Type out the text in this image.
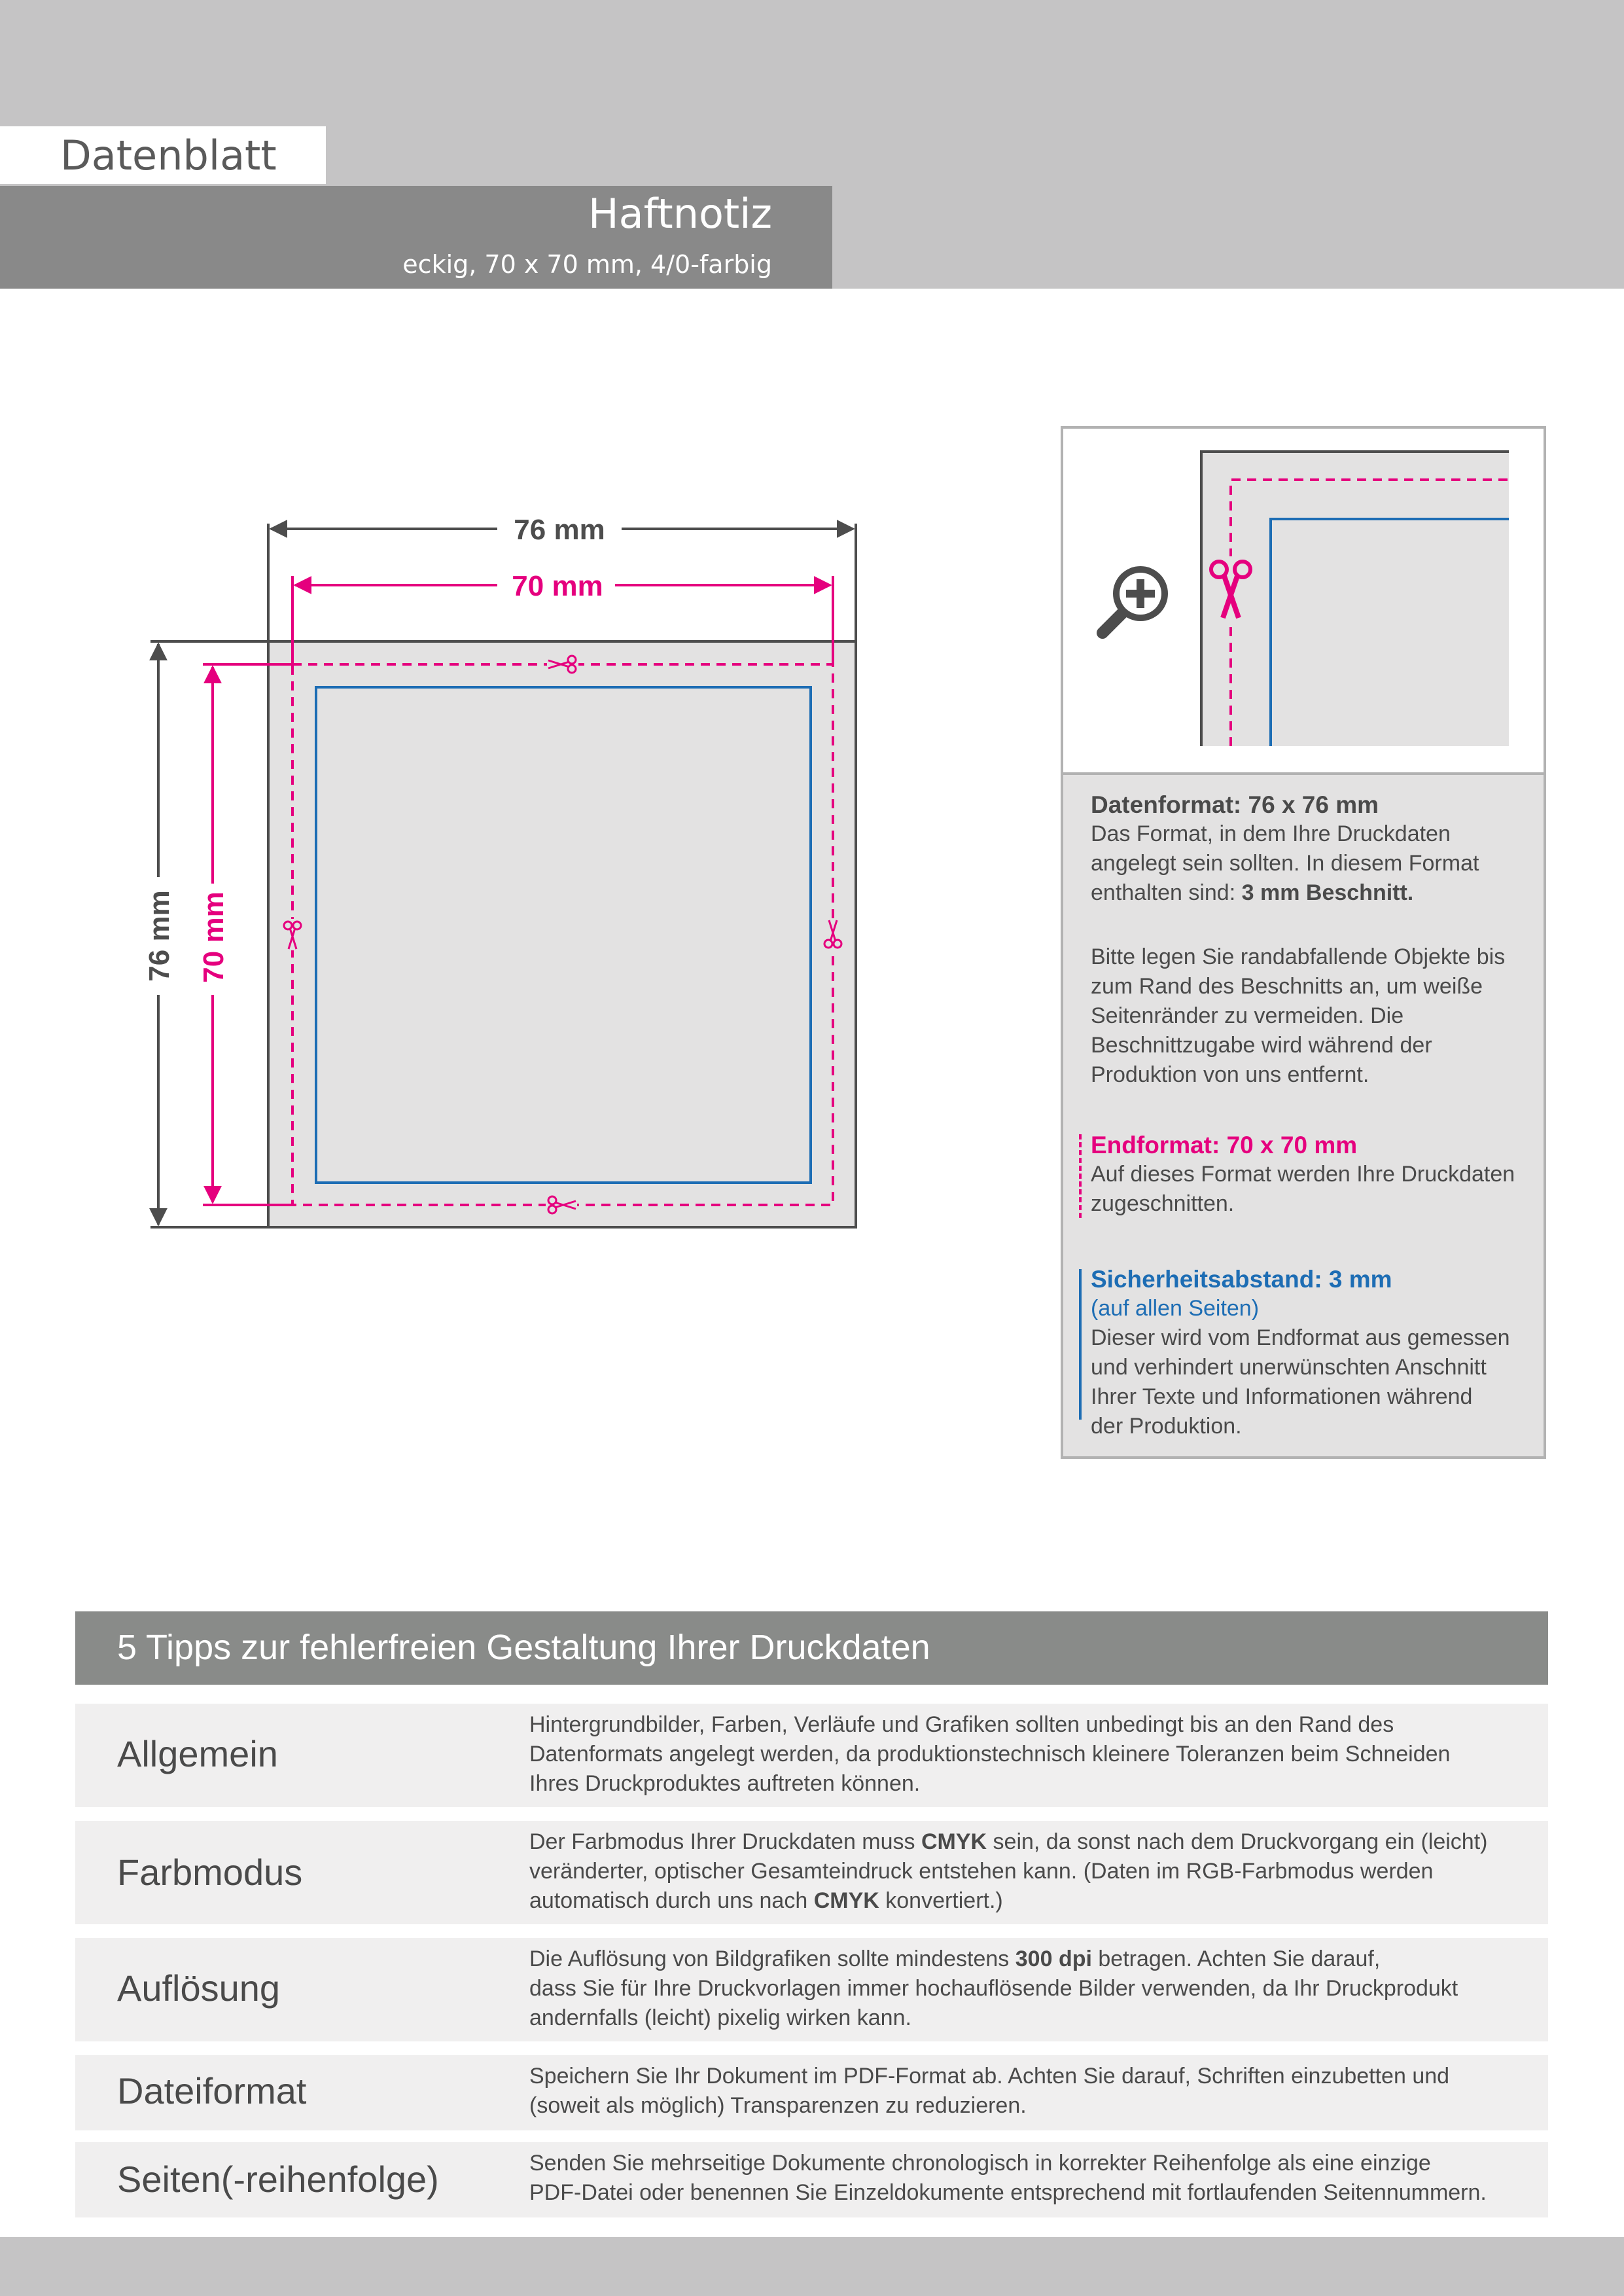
Datenblatt
Haftnotiz
eckig, 70 x 70 mm, 4/0-farbig
76 mm
70 mm
76 mm 70 mm
Datenformat: 76 x 76 mm
Das Format, in dem Ihre Druckdaten
angelegt sein sollten. In diesem Format
enthalten sind: 3 mm Beschnitt.
Bitte legen Sie randabfallende Objekte bis
zum Rand des Beschnitts an, um weiße
Seitenränder zu vermeiden. Die
Beschnittzugabe wird während der
Produktion von uns entfernt.
Endformat: 70 x 70 mm
Auf dieses Format werden Ihre Druckdaten
zugeschnitten.
Sicherheitsabstand: 3 mm
(auf allen Seiten)
Dieser wird vom Endformat aus gemessen
und verhindert unerwünschten Anschnitt
Ihrer Texte und Informationen während
der Produktion.
5 Tipps zur fehlerfreien Gestaltung Ihrer Druckdaten
Allgemein
Hintergrundbilder, Farben, Verläufe und Grafiken sollten unbedingt bis an den Rand des
Datenformats angelegt werden, da produktionstechnisch kleinere Toleranzen beim Schneiden
Ihres Druckproduktes auftreten können.
Farbmodus
Der Farbmodus Ihrer Druckdaten muss CMYK sein, da sonst nach dem Druckvorgang ein (leicht)
veränderter, optischer Gesamteindruck entstehen kann. (Daten im RGB-Farbmodus werden
automatisch durch uns nach CMYK konvertiert.)
Auflösung
Die Auflösung von Bildgrafiken sollte mindestens 300 dpi betragen. Achten Sie darauf,
dass Sie für Ihre Druckvorlagen immer hochauflösende Bilder verwenden, da Ihr Druckprodukt
andernfalls (leicht) pixelig wirken kann.
Dateiformat	Speichern Sie Ihr Dokument im PDF-Format ab. Achten Sie darauf, Schriften einzubetten und
(soweit als möglich) Transparenzen zu reduzieren.
Seiten(-reihenfolge)	Senden Sie mehrseitige Dokumente chronologisch in korrekter Reihenfolge als eine einzige
PDF-Datei oder benennen Sie Einzeldokumente entsprechend mit fortlaufenden Seitennummern.
